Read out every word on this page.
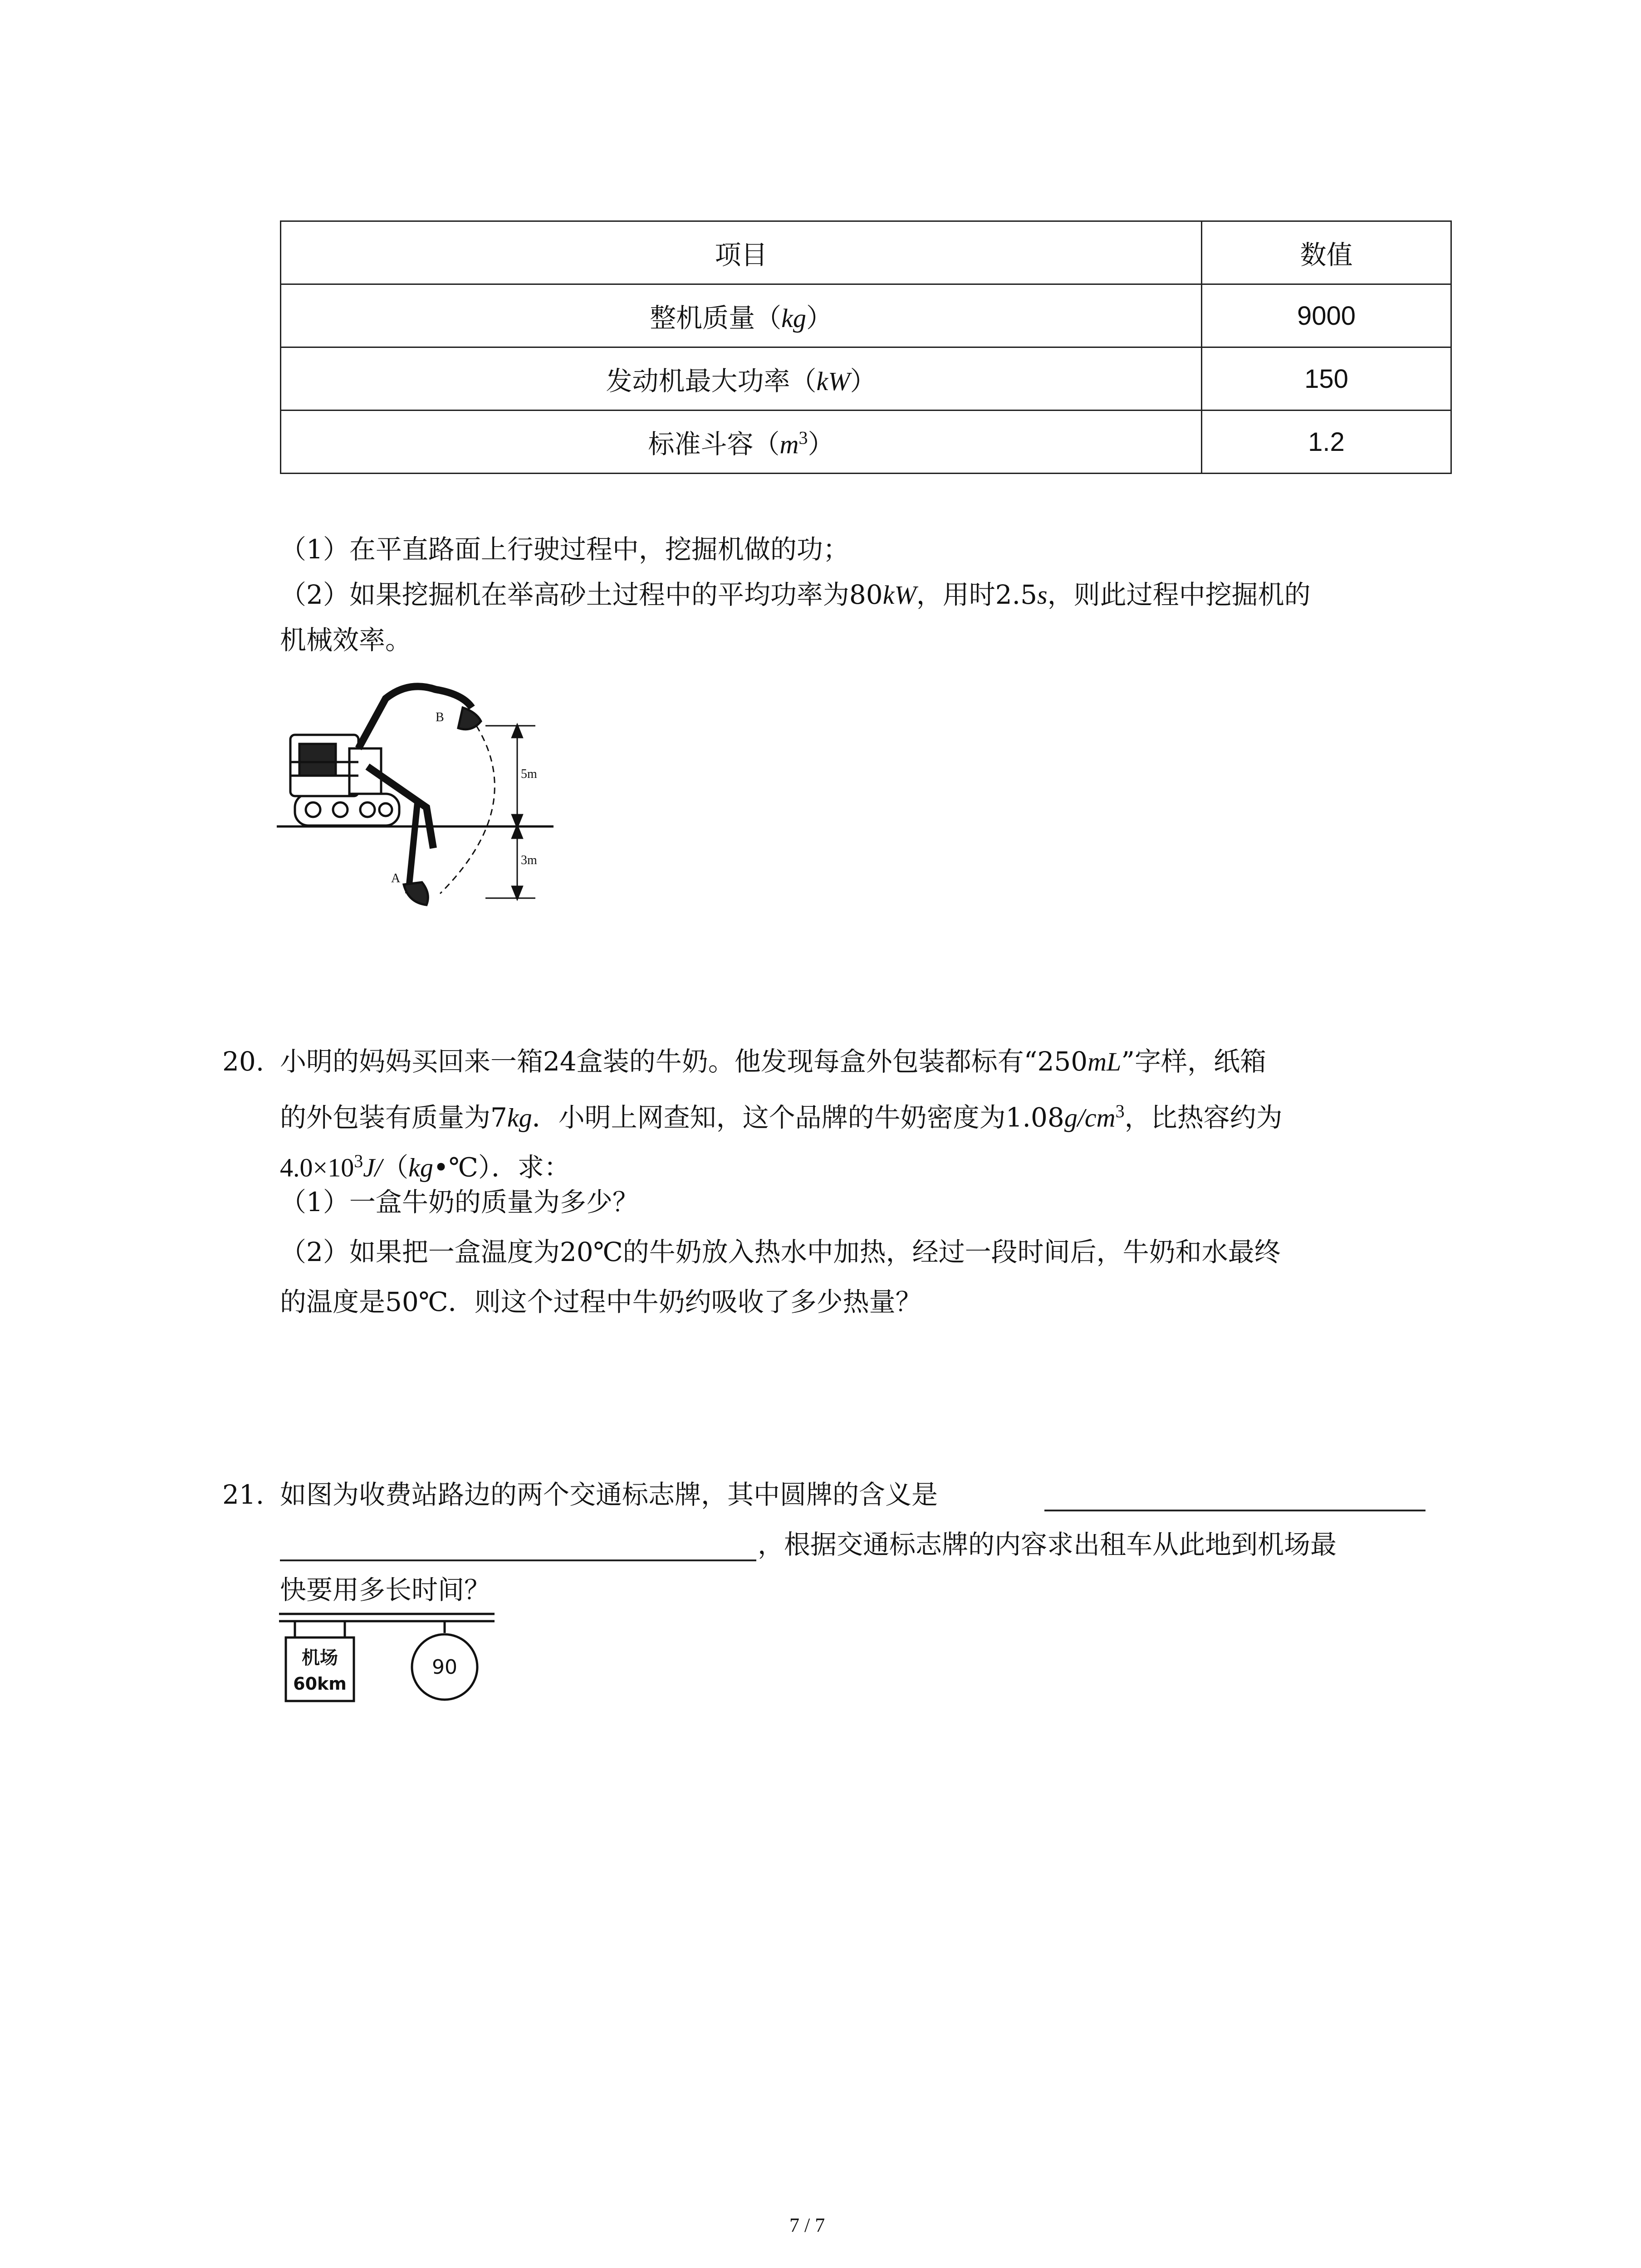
项目	数值
整机质量（kg）	9000
发动机最大功率（kW）	150
标准斗容$(m^3)$	1.2
（1）在平直路面上行驶过程中，挖掘机做的功；
（2）如果挖掘机在举高砂土过程中的平均功率为80kW，用时2.5s，则此过程中挖掘机的
机械效率。
B
A
5m
3m
20. 小明的妈妈买回来一箱24盒装的牛奶。他发现每盒外包装都标有“250mL”字样，纸箱
的外包装有质量为7kg．小明上网查知，这个品牌的牛奶密度为$1.08g/cm^3$，比热容约为
$4.0\times 10^3J/(kg•℃)$．求：
（1）一盒牛奶的质量为多少？
（2）如果把一盒温度为20℃的牛奶放入热水中加热，经过一段时间后，牛奶和水最终
的温度是50℃．则这个过程中牛奶约吸收了多少热量？
21. 如图为收费站路边的两个交通标志牌，其中圆牌的含义是
，根据交通标志牌的内容求出租车从此地到机场最
快要用多长时间？
机场
60km
90
7 / 7
